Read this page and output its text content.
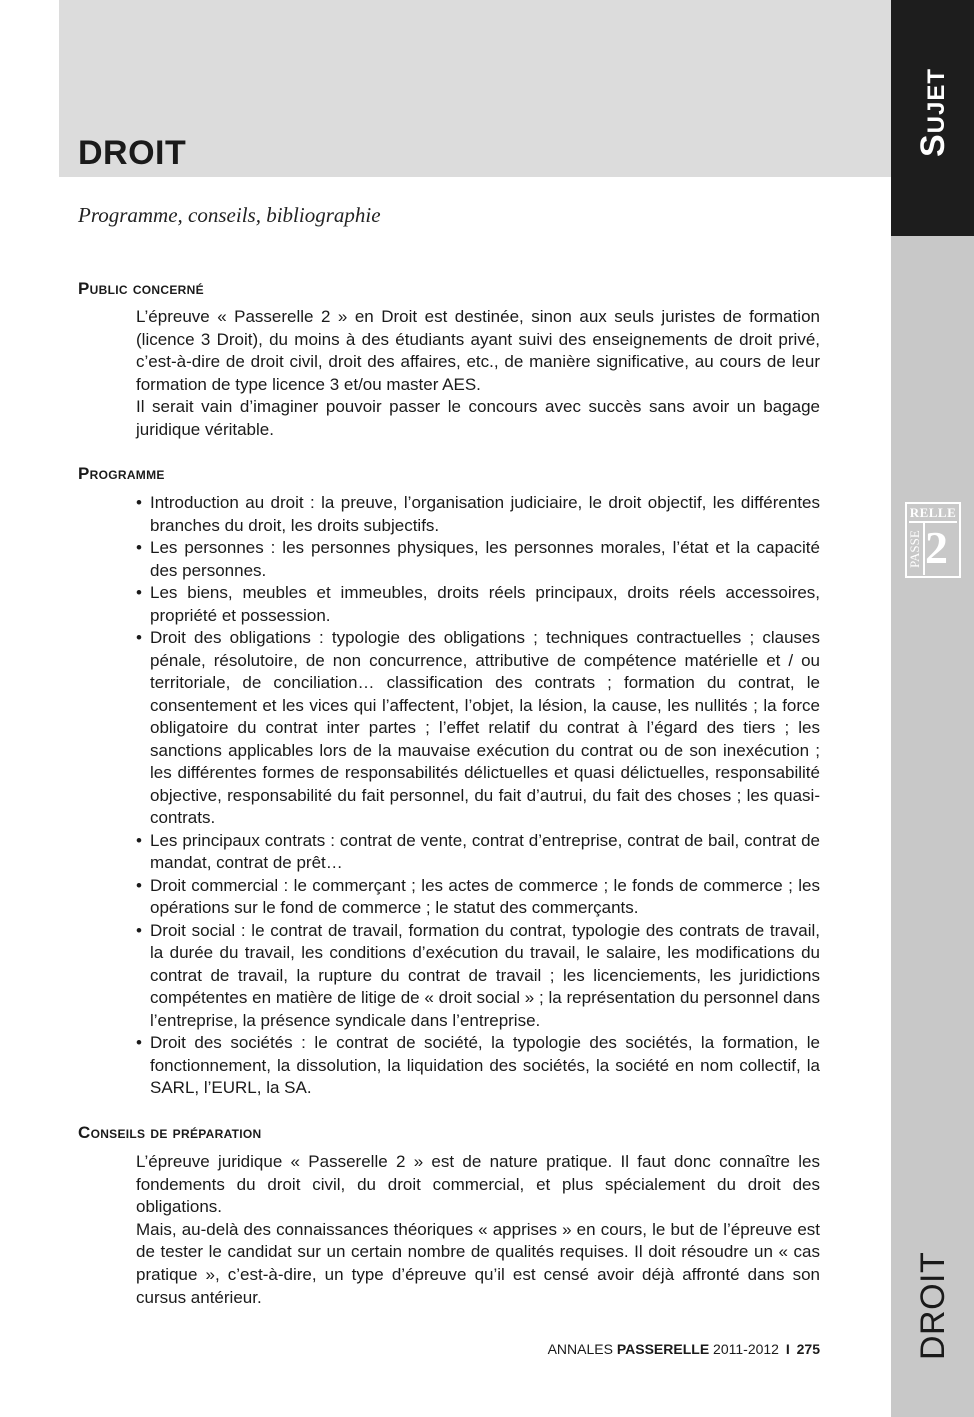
DROIT
Programme, conseils, bibliographie
Sujet
RELLE
PASSE 2
DROIT
Public concerné

L’épreuve « Passerelle 2 » en Droit est destinée, sinon aux seuls juristes de formation (licence 3 Droit), du moins à des étudiants ayant suivi des enseignements de droit privé, c’est-à-dire de droit civil, droit des affaires, etc., de manière significative, au cours de leur formation de type licence 3 et/ou master AES.

Il serait vain d’imaginer pouvoir passer le concours avec succès sans avoir un bagage juridique véritable.

Programme
• Introduction au droit : la preuve, l’organisation judiciaire, le droit objectif, les différentes branches du droit, les droits subjectifs.
• Les personnes : les personnes physiques, les personnes morales, l’état et la capacité des personnes.
• Les biens, meubles et immeubles, droits réels principaux, droits réels accessoires, propriété et possession.
• Droit des obligations : typologie des obligations ; techniques contractuelles ; clauses pénale, résolutoire, de non concurrence, attributive de compétence matérielle et / ou territoriale, de conciliation… classification des contrats ; formation du contrat, le consentement et les vices qui l’affectent, l’objet, la lésion, la cause, les nullités ; la force obligatoire du contrat inter partes ; l’effet relatif du contrat à l’égard des tiers ; les sanctions applicables lors de la mauvaise exécution du contrat ou de son inexécution ; les différentes formes de responsabilités délictuelles et quasi délictuelles, responsabilité objective, responsabilité du fait personnel, du fait d’autrui, du fait des choses ; les quasi-contrats.
• Les principaux contrats : contrat de vente, contrat d’entreprise, contrat de bail, contrat de mandat, contrat de prêt…
• Droit commercial : le commerçant ; les actes de commerce ; le fonds de commerce ; les opérations sur le fond de commerce ; le statut des commerçants.
• Droit social : le contrat de travail, formation du contrat, typologie des contrats de travail, la durée du travail, les conditions d’exécution du travail, le salaire, les modifications du contrat de travail, la rupture du contrat de travail ; les licenciements, les juridictions compétentes en matière de litige de « droit social » ; la représentation du personnel dans l’entreprise, la présence syndicale dans l’entreprise.
• Droit des sociétés : le contrat de société, la typologie des sociétés, la formation, le fonctionnement, la dissolution, la liquidation des sociétés, la société en nom collectif, la SARL, l’EURL, la SA.
Conseils de préparation

L’épreuve juridique « Passerelle 2 » est de nature pratique. Il faut donc connaître les fondements du droit civil, du droit commercial, et plus spécialement du droit des obligations.

Mais, au-delà des connaissances théoriques « apprises » en cours, le but de l’épreuve est de tester le candidat sur un certain nombre de qualités requises. Il doit résoudre un « cas pratique », c’est-à-dire, un type d’épreuve qu’il est censé avoir déjà affronté dans son cursus antérieur.

ANNALES PASSERELLE 2011-2012 I 275
